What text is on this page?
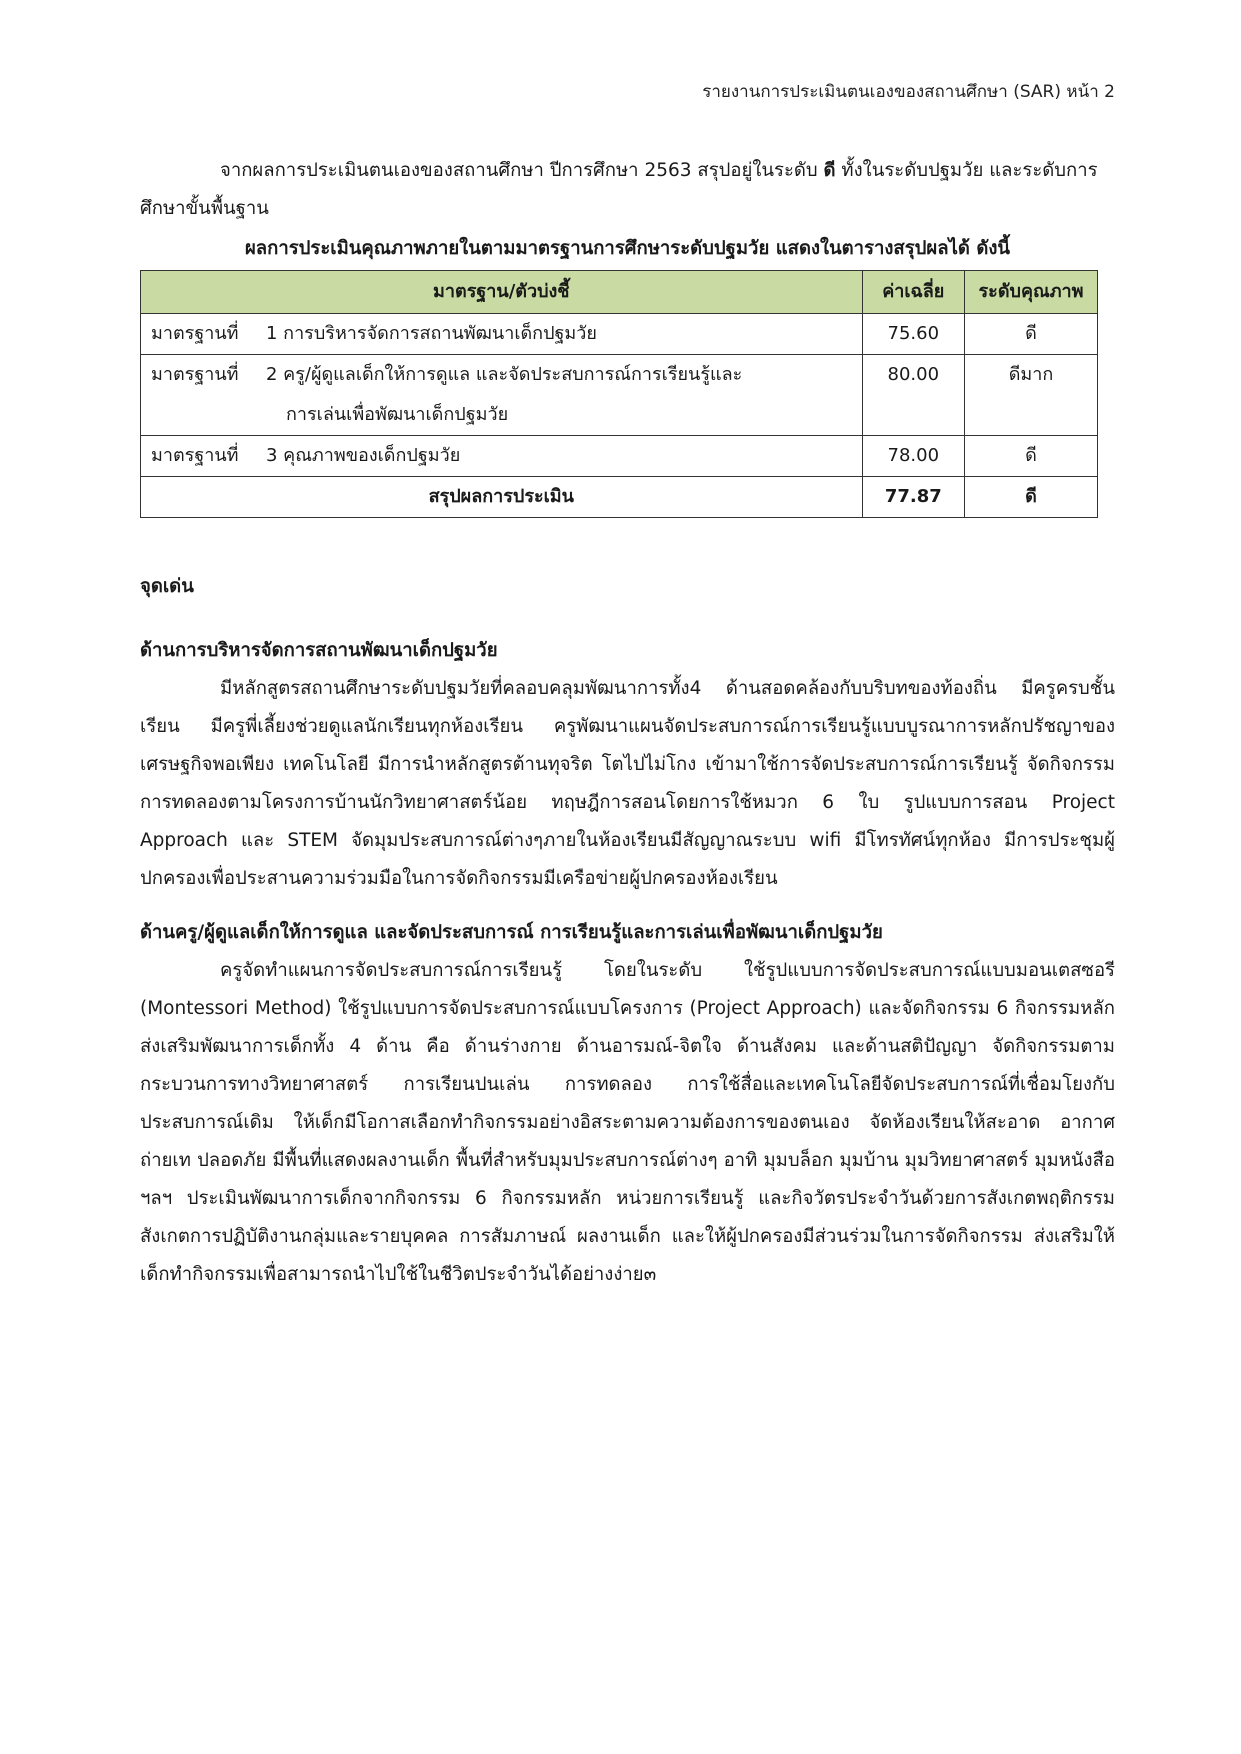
รายงานการประเมินตนเองของสถานศึกษา (SAR) หน้า 2

จากผลการประเมินตนเองของสถานศึกษา ปีการศึกษา 2563 สรุปอยู่ในระดับ ดี ทั้งในระดับปฐมวัย และระดับการศึกษาขั้นพื้นฐาน

ผลการประเมินคุณภาพภายในตามมาตรฐานการศึกษาระดับปฐมวัย แสดงในตารางสรุปผลได้ ดังนี้
มาตรฐาน/ตัวบ่งชี้	ค่าเฉลี่ย	ระดับคุณภาพ
มาตรฐานที่ 1 การบริหารจัดการสถานพัฒนาเด็กปฐมวัย	75.60	ดี
มาตรฐานที่ 2 ครู/ผู้ดูแลเด็กให้การดูแล และจัดประสบการณ์การเรียนรู้และ
การเล่นเพื่อพัฒนาเด็กปฐมวัย	80.00	ดีมาก
มาตรฐานที่ 3 คุณภาพของเด็กปฐมวัย	78.00	ดี
สรุปผลการประเมิน	77.87	ดี

จุดเด่น

ด้านการบริหารจัดการสถานพัฒนาเด็กปฐมวัย

มีหลักสูตรสถานศึกษาระดับปฐมวัยที่คลอบคลุมพัฒนาการทั้ง4 ด้านสอดคล้องกับบริบทของท้องถิ่น มีครูครบชั้นเรียน มีครูพี่เลี้ยงช่วยดูแลนักเรียนทุกห้องเรียน ครูพัฒนาแผนจัดประสบการณ์การเรียนรู้แบบบูรณาการหลักปรัชญาของเศรษฐกิจพอเพียง เทคโนโลยี มีการนำหลักสูตรต้านทุจริต โตไปไม่โกง เข้ามาใช้การจัดประสบการณ์การเรียนรู้ จัดกิจกรรมการทดลองตามโครงการบ้านนักวิทยาศาสตร์น้อย ทฤษฎีการสอนโดยการใช้หมวก 6 ใบ รูปแบบการสอน Project Approach และ STEM จัดมุมประสบการณ์ต่างๆภายในห้องเรียนมีสัญญาณระบบ wifi มีโทรทัศน์ทุกห้อง มีการประชุมผู้ปกครองเพื่อประสานความร่วมมือในการจัดกิจกรรมมีเครือข่ายผู้ปกครองห้องเรียน

ด้านครู/ผู้ดูแลเด็กให้การดูแล และจัดประสบการณ์ การเรียนรู้และการเล่นเพื่อพัฒนาเด็กปฐมวัย

ครูจัดทำแผนการจัดประสบการณ์การเรียนรู้ โดยในระดับ ใช้รูปแบบการจัดประสบการณ์แบบมอนเตสซอรี (Montessori Method) ใช้รูปแบบการจัดประสบการณ์แบบโครงการ (Project Approach) และจัดกิจกรรม 6 กิจกรรมหลัก ส่งเสริมพัฒนาการเด็กทั้ง 4 ด้าน คือ ด้านร่างกาย ด้านอารมณ์-จิตใจ ด้านสังคม และด้านสติปัญญา จัดกิจกรรมตามกระบวนการทางวิทยาศาสตร์ การเรียนปนเล่น การทดลอง การใช้สื่อและเทคโนโลยีจัดประสบการณ์ที่เชื่อมโยงกับประสบการณ์เดิม ให้เด็กมีโอกาสเลือกทำกิจกรรมอย่างอิสระตามความต้องการของตนเอง จัดห้องเรียนให้สะอาด อากาศถ่ายเท ปลอดภัย มีพื้นที่แสดงผลงานเด็ก พื้นที่สำหรับมุมประสบการณ์ต่างๆ อาทิ มุมบล็อก มุมบ้าน มุมวิทยาศาสตร์ มุมหนังสือ ฯลฯ ประเมินพัฒนาการเด็กจากกิจกรรม 6 กิจกรรมหลัก หน่วยการเรียนรู้ และกิจวัตรประจำวันด้วยการสังเกตพฤติกรรม สังเกตการปฏิบัติงานกลุ่มและรายบุคคล การสัมภาษณ์ ผลงานเด็ก และให้ผู้ปกครองมีส่วนร่วมในการจัดกิจกรรม ส่งเสริมให้เด็กทำกิจกรรมเพื่อสามารถนำไปใช้ในชีวิตประจำวันได้อย่างง่าย๓
